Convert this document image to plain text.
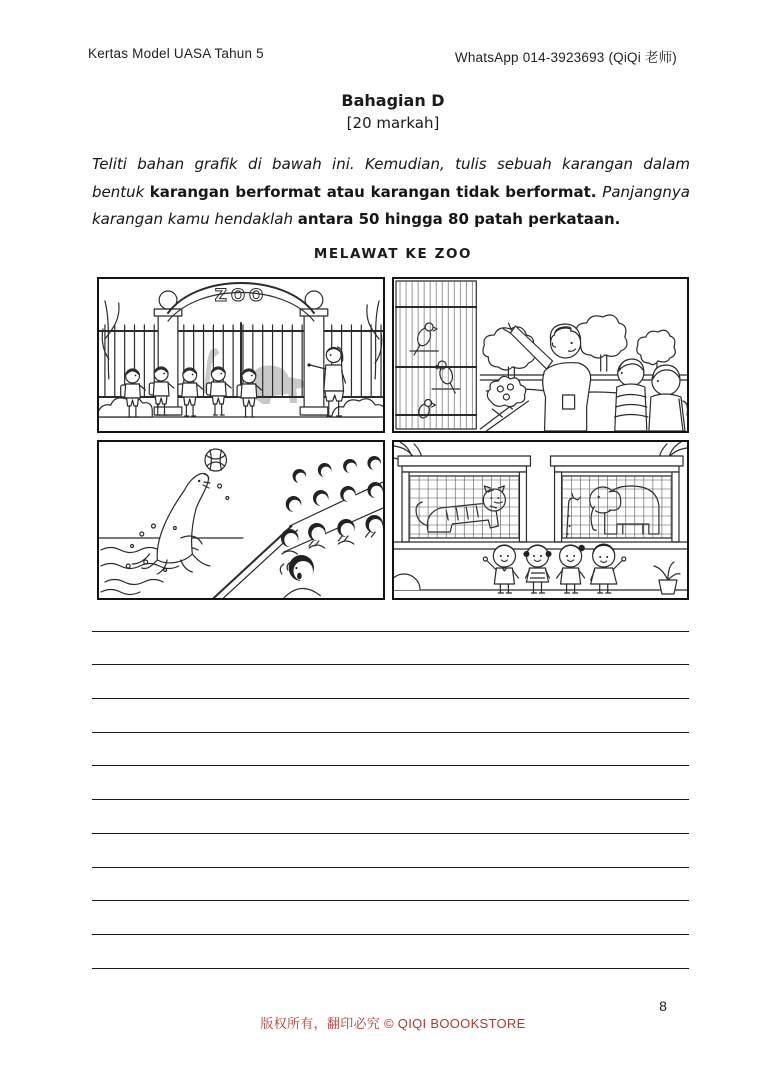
Kertas Model UASA Tahun 5	WhatsApp 014-3923693 (QiQi 老师)
Bahagian D
[20 markah]
Teliti bahan grafik di bawah ini. Kemudian, tulis sebuah karangan dalam bentuk karangan berformat atau karangan tidak berformat. Panjangnya karangan kamu hendaklah antara 50 hingga 80 patah perkataan.
MELAWAT KE ZOO
ZOO
8
版权所有，翻印必究 © QIQI BOOOKSTORE
